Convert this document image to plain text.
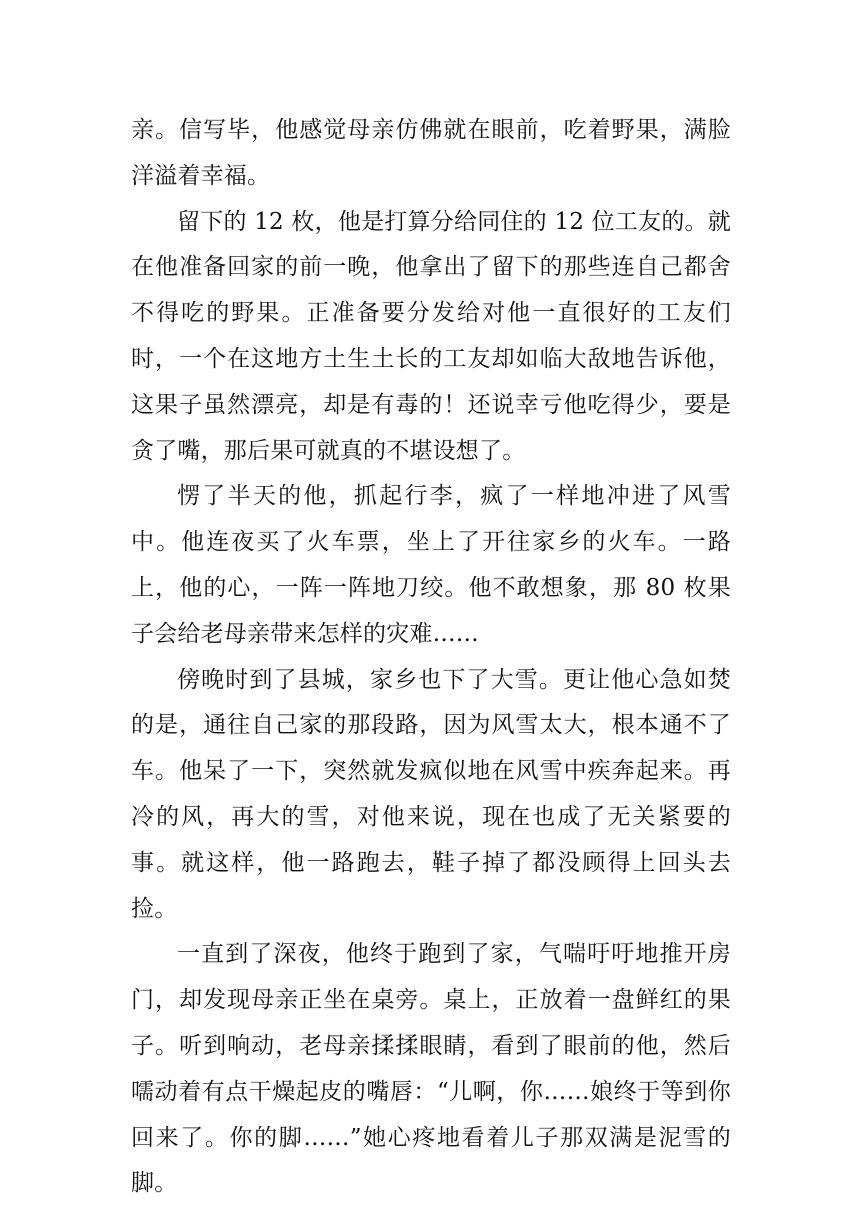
亲。信写毕，他感觉母亲仿佛就在眼前，吃着野果，满脸洋溢着幸福。

留下的 12 枚，他是打算分给同住的 12 位工友的。就在他准备回家的前一晚，他拿出了留下的那些连自己都舍不得吃的野果。正准备要分发给对他一直很好的工友们时，一个在这地方土生土长的工友却如临大敌地告诉他，这果子虽然漂亮，却是有毒的！还说幸亏他吃得少，要是贪了嘴，那后果可就真的不堪设想了。

愣了半天的他，抓起行李，疯了一样地冲进了风雪中。他连夜买了火车票，坐上了开往家乡的火车。一路上，他的心，一阵一阵地刀绞。他不敢想象，那 80 枚果子会给老母亲带来怎样的灾难……

傍晚时到了县城，家乡也下了大雪。更让他心急如焚的是，通往自己家的那段路，因为风雪太大，根本通不了车。他呆了一下，突然就发疯似地在风雪中疾奔起来。再冷的风，再大的雪，对他来说，现在也成了无关紧要的事。就这样，他一路跑去，鞋子掉了都没顾得上回头去捡。

一直到了深夜，他终于跑到了家，气喘吁吁地推开房门，却发现母亲正坐在桌旁。桌上，正放着一盘鲜红的果子。听到响动，老母亲揉揉眼睛，看到了眼前的他，然后嚅动着有点干燥起皮的嘴唇：“儿啊，你……娘终于等到你回来了。你的脚……”她心疼地看着儿子那双满是泥雪的脚。
